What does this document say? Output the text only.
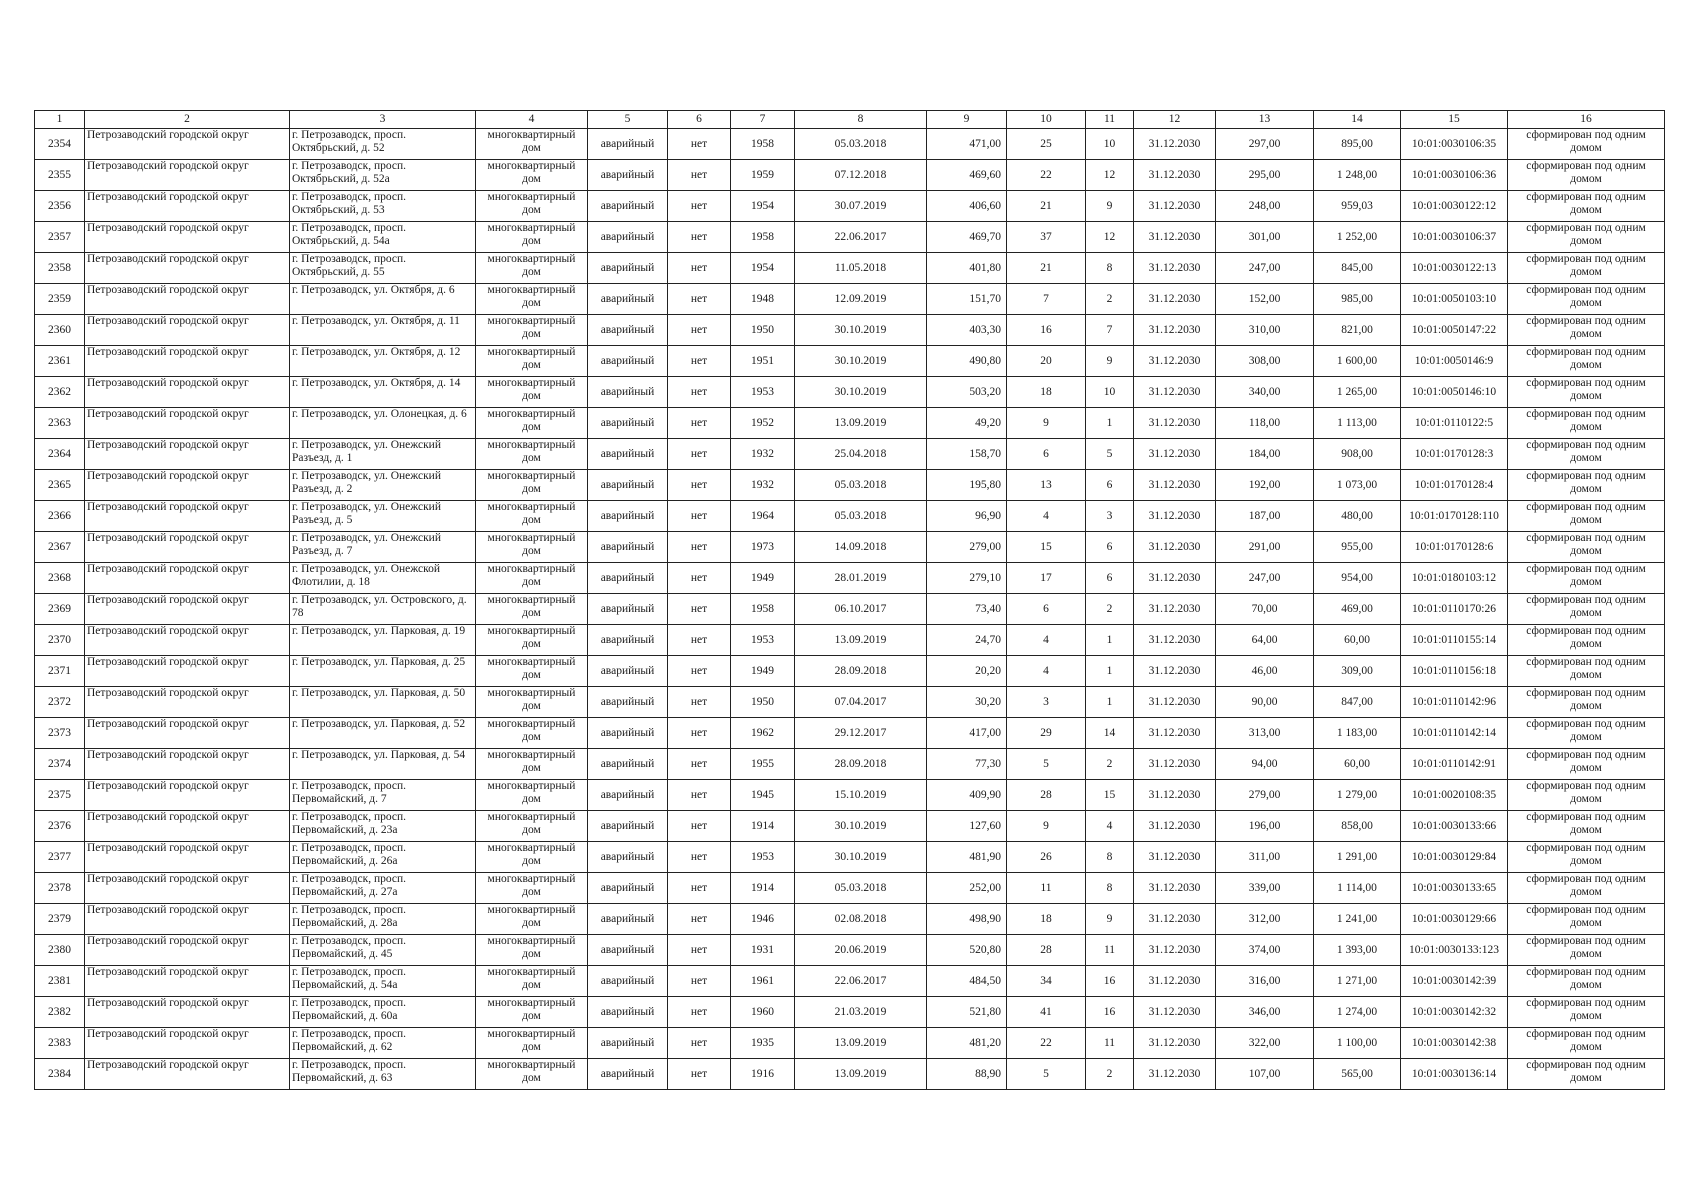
1	2	3	4	5	6	7	8	9	10	11	12	13	14	15	16
2354	Петрозаводский городской округ	г. Петрозаводск, просп. Октябрьский, д. 52	многоквартирный дом	аварийный	нет	1958	05.03.2018	471,00	25	10	31.12.2030	297,00	895,00	10:01:0030106:35	сформирован под одним домом
2355	Петрозаводский городской округ	г. Петрозаводск, просп. Октябрьский, д. 52а	многоквартирный дом	аварийный	нет	1959	07.12.2018	469,60	22	12	31.12.2030	295,00	1 248,00	10:01:0030106:36	сформирован под одним домом
2356	Петрозаводский городской округ	г. Петрозаводск, просп. Октябрьский, д. 53	многоквартирный дом	аварийный	нет	1954	30.07.2019	406,60	21	9	31.12.2030	248,00	959,03	10:01:0030122:12	сформирован под одним домом
2357	Петрозаводский городской округ	г. Петрозаводск, просп. Октябрьский, д. 54а	многоквартирный дом	аварийный	нет	1958	22.06.2017	469,70	37	12	31.12.2030	301,00	1 252,00	10:01:0030106:37	сформирован под одним домом
2358	Петрозаводский городской округ	г. Петрозаводск, просп. Октябрьский, д. 55	многоквартирный дом	аварийный	нет	1954	11.05.2018	401,80	21	8	31.12.2030	247,00	845,00	10:01:0030122:13	сформирован под одним домом
2359	Петрозаводский городской округ	г. Петрозаводск, ул. Октября, д. 6	многоквартирный дом	аварийный	нет	1948	12.09.2019	151,70	7	2	31.12.2030	152,00	985,00	10:01:0050103:10	сформирован под одним домом
2360	Петрозаводский городской округ	г. Петрозаводск, ул. Октября, д. 11	многоквартирный дом	аварийный	нет	1950	30.10.2019	403,30	16	7	31.12.2030	310,00	821,00	10:01:0050147:22	сформирован под одним домом
2361	Петрозаводский городской округ	г. Петрозаводск, ул. Октября, д. 12	многоквартирный дом	аварийный	нет	1951	30.10.2019	490,80	20	9	31.12.2030	308,00	1 600,00	10:01:0050146:9	сформирован под одним домом
2362	Петрозаводский городской округ	г. Петрозаводск, ул. Октября, д. 14	многоквартирный дом	аварийный	нет	1953	30.10.2019	503,20	18	10	31.12.2030	340,00	1 265,00	10:01:0050146:10	сформирован под одним домом
2363	Петрозаводский городской округ	г. Петрозаводск, ул. Олонецкая, д. 6	многоквартирный дом	аварийный	нет	1952	13.09.2019	49,20	9	1	31.12.2030	118,00	1 113,00	10:01:0110122:5	сформирован под одним домом
2364	Петрозаводский городской округ	г. Петрозаводск, ул. Онежский Разъезд, д. 1	многоквартирный дом	аварийный	нет	1932	25.04.2018	158,70	6	5	31.12.2030	184,00	908,00	10:01:0170128:3	сформирован под одним домом
2365	Петрозаводский городской округ	г. Петрозаводск, ул. Онежский Разъезд, д. 2	многоквартирный дом	аварийный	нет	1932	05.03.2018	195,80	13	6	31.12.2030	192,00	1 073,00	10:01:0170128:4	сформирован под одним домом
2366	Петрозаводский городской округ	г. Петрозаводск, ул. Онежский Разъезд, д. 5	многоквартирный дом	аварийный	нет	1964	05.03.2018	96,90	4	3	31.12.2030	187,00	480,00	10:01:0170128:110	сформирован под одним домом
2367	Петрозаводский городской округ	г. Петрозаводск, ул. Онежский Разъезд, д. 7	многоквартирный дом	аварийный	нет	1973	14.09.2018	279,00	15	6	31.12.2030	291,00	955,00	10:01:0170128:6	сформирован под одним домом
2368	Петрозаводский городской округ	г. Петрозаводск, ул. Онежской Флотилии, д. 18	многоквартирный дом	аварийный	нет	1949	28.01.2019	279,10	17	6	31.12.2030	247,00	954,00	10:01:0180103:12	сформирован под одним домом
2369	Петрозаводский городской округ	г. Петрозаводск, ул. Островского, д. 78	многоквартирный дом	аварийный	нет	1958	06.10.2017	73,40	6	2	31.12.2030	70,00	469,00	10:01:0110170:26	сформирован под одним домом
2370	Петрозаводский городской округ	г. Петрозаводск, ул. Парковая, д. 19	многоквартирный дом	аварийный	нет	1953	13.09.2019	24,70	4	1	31.12.2030	64,00	60,00	10:01:0110155:14	сформирован под одним домом
2371	Петрозаводский городской округ	г. Петрозаводск, ул. Парковая, д. 25	многоквартирный дом	аварийный	нет	1949	28.09.2018	20,20	4	1	31.12.2030	46,00	309,00	10:01:0110156:18	сформирован под одним домом
2372	Петрозаводский городской округ	г. Петрозаводск, ул. Парковая, д. 50	многоквартирный дом	аварийный	нет	1950	07.04.2017	30,20	3	1	31.12.2030	90,00	847,00	10:01:0110142:96	сформирован под одним домом
2373	Петрозаводский городской округ	г. Петрозаводск, ул. Парковая, д. 52	многоквартирный дом	аварийный	нет	1962	29.12.2017	417,00	29	14	31.12.2030	313,00	1 183,00	10:01:0110142:14	сформирован под одним домом
2374	Петрозаводский городской округ	г. Петрозаводск, ул. Парковая, д. 54	многоквартирный дом	аварийный	нет	1955	28.09.2018	77,30	5	2	31.12.2030	94,00	60,00	10:01:0110142:91	сформирован под одним домом
2375	Петрозаводский городской округ	г. Петрозаводск, просп. Первомайский, д. 7	многоквартирный дом	аварийный	нет	1945	15.10.2019	409,90	28	15	31.12.2030	279,00	1 279,00	10:01:0020108:35	сформирован под одним домом
2376	Петрозаводский городской округ	г. Петрозаводск, просп. Первомайский, д. 23а	многоквартирный дом	аварийный	нет	1914	30.10.2019	127,60	9	4	31.12.2030	196,00	858,00	10:01:0030133:66	сформирован под одним домом
2377	Петрозаводский городской округ	г. Петрозаводск, просп. Первомайский, д. 26а	многоквартирный дом	аварийный	нет	1953	30.10.2019	481,90	26	8	31.12.2030	311,00	1 291,00	10:01:0030129:84	сформирован под одним домом
2378	Петрозаводский городской округ	г. Петрозаводск, просп. Первомайский, д. 27а	многоквартирный дом	аварийный	нет	1914	05.03.2018	252,00	11	8	31.12.2030	339,00	1 114,00	10:01:0030133:65	сформирован под одним домом
2379	Петрозаводский городской округ	г. Петрозаводск, просп. Первомайский, д. 28а	многоквартирный дом	аварийный	нет	1946	02.08.2018	498,90	18	9	31.12.2030	312,00	1 241,00	10:01:0030129:66	сформирован под одним домом
2380	Петрозаводский городской округ	г. Петрозаводск, просп. Первомайский, д. 45	многоквартирный дом	аварийный	нет	1931	20.06.2019	520,80	28	11	31.12.2030	374,00	1 393,00	10:01:0030133:123	сформирован под одним домом
2381	Петрозаводский городской округ	г. Петрозаводск, просп. Первомайский, д. 54а	многоквартирный дом	аварийный	нет	1961	22.06.2017	484,50	34	16	31.12.2030	316,00	1 271,00	10:01:0030142:39	сформирован под одним домом
2382	Петрозаводский городской округ	г. Петрозаводск, просп. Первомайский, д. 60а	многоквартирный дом	аварийный	нет	1960	21.03.2019	521,80	41	16	31.12.2030	346,00	1 274,00	10:01:0030142:32	сформирован под одним домом
2383	Петрозаводский городской округ	г. Петрозаводск, просп. Первомайский, д. 62	многоквартирный дом	аварийный	нет	1935	13.09.2019	481,20	22	11	31.12.2030	322,00	1 100,00	10:01:0030142:38	сформирован под одним домом
2384	Петрозаводский городской округ	г. Петрозаводск, просп. Первомайский, д. 63	многоквартирный дом	аварийный	нет	1916	13.09.2019	88,90	5	2	31.12.2030	107,00	565,00	10:01:0030136:14	сформирован под одним домом
